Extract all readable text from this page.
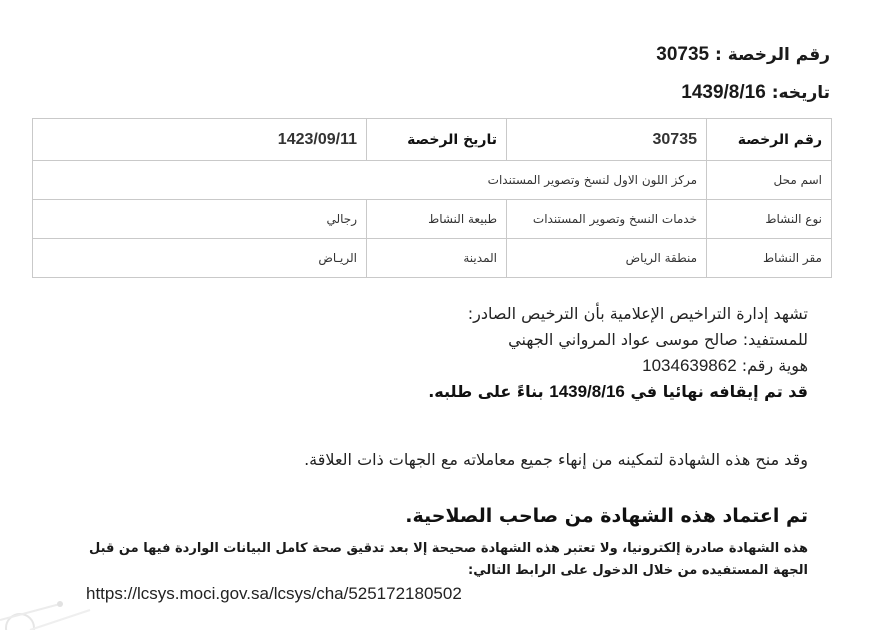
رقم الرخصة : 30735
تاريخه: 1439/8/16
رقم الرخصة	30735	تاريخ الرخصة	1423/09/11
اسم محل	مركز اللون الاول لنسخ وتصوير المستندات		
نوع النشاط	خدمات النسخ وتصوير المستندات	طبيعة النشاط	رجالي
مقر النشاط	منطقة الرياض	المدينة	الريـاض
تشهد إدارة التراخيص الإعلامية بأن الترخيص الصادر:
للمستفيد: صالح موسى عواد المرواني الجهني
هوية رقم: 1034639862
قد تم إيقافه نهائيا في 1439/8/16 بناءً على طلبه.
وقد منح هذه الشهادة لتمكينه من إنهاء جميع معاملاته مع الجهات ذات العلاقة.
تم اعتماد هذه الشهادة من صاحب الصلاحية.
هذه الشهادة صادرة إلكترونيا، ولا تعتبر هذه الشهادة صحيحة إلا بعد تدقيق صحة كامل البيانات الواردة فيها من قبل الجهة المستفيده من خلال الدخول على الرابط التالي:
https://lcsys.moci.gov.sa/lcsys/cha/525172180502
